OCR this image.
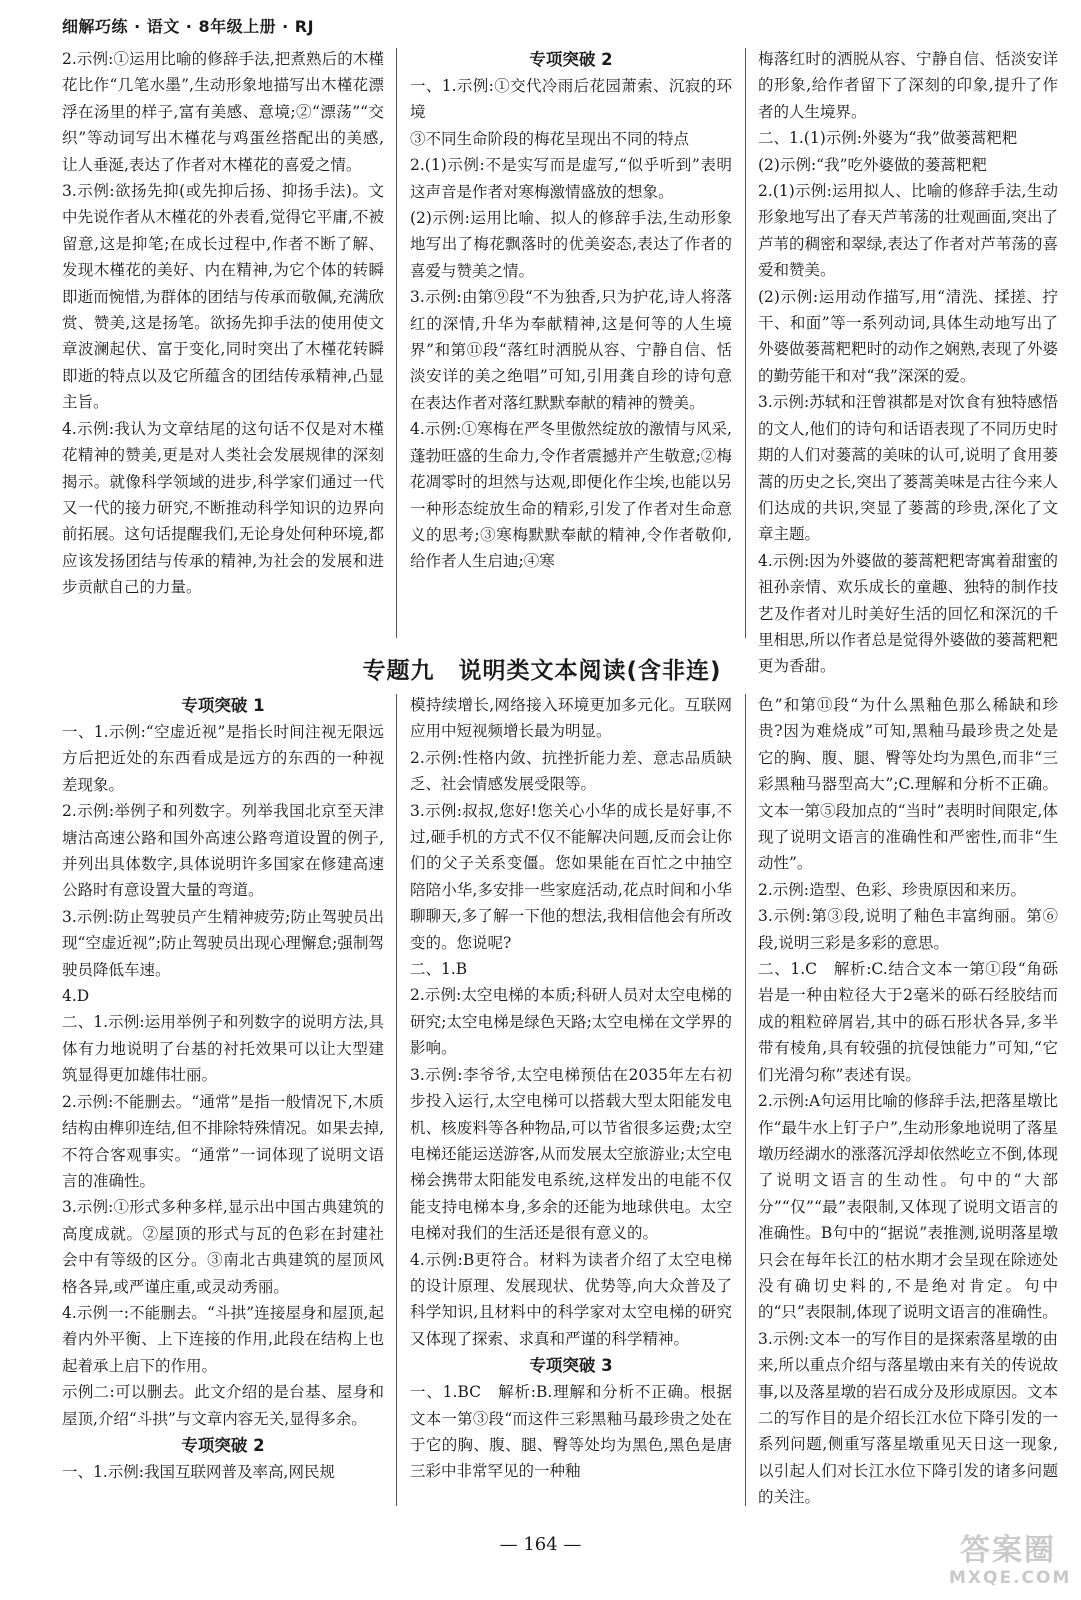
细解巧练 · 语文 · 8年级上册 · RJ

2.示例:①运用比喻的修辞手法,把煮熟后的木槿花比作“几笔水墨”,生动形象地描写出木槿花漂浮在汤里的样子,富有美感、意境;②“漂荡”“交织”等动词写出木槿花与鸡蛋丝搭配出的美感,让人垂涎,表达了作者对木槿花的喜爱之情。

3.示例:欲扬先抑(或先抑后扬、抑扬手法)。文中先说作者从木槿花的外表看,觉得它平庸,不被留意,这是抑笔;在成长过程中,作者不断了解、发现木槿花的美好、内在精神,为它个体的转瞬即逝而惋惜,为群体的团结与传承而敬佩,充满欣赏、赞美,这是扬笔。欲扬先抑手法的使用使文章波澜起伏、富于变化,同时突出了木槿花转瞬即逝的特点以及它所蕴含的团结传承精神,凸显主旨。

4.示例:我认为文章结尾的这句话不仅是对木槿花精神的赞美,更是对人类社会发展规律的深刻揭示。就像科学领域的进步,科学家们通过一代又一代的接力研究,不断推动科学知识的边界向前拓展。这句话提醒我们,无论身处何种环境,都应该发扬团结与传承的精神,为社会的发展和进步贡献自己的力量。

专项突破 2

一、1.示例:①交代冷雨后花园萧索、沉寂的环境

③不同生命阶段的梅花呈现出不同的特点

2.(1)示例:不是实写而是虚写,“似乎听到”表明这声音是作者对寒梅激情盛放的想象。

(2)示例:运用比喻、拟人的修辞手法,生动形象地写出了梅花飘落时的优美姿态,表达了作者的喜爱与赞美之情。

3.示例:由第⑨段“不为独香,只为护花,诗人将落红的深情,升华为奉献精神,这是何等的人生境界”和第⑪段“落红时洒脱从容、宁静自信、恬淡安详的美之绝唱”可知,引用龚自珍的诗句意在表达作者对落红默默奉献的精神的赞美。

4.示例:①寒梅在严冬里傲然绽放的激情与风采,蓬勃旺盛的生命力,令作者震撼并产生敬意;②梅花凋零时的坦然与达观,即便化作尘埃,也能以另一种形态绽放生命的精彩,引发了作者对生命意义的思考;③寒梅默默奉献的精神,令作者敬仰,给作者人生启迪;④寒

梅落红时的洒脱从容、宁静自信、恬淡安详的形象,给作者留下了深刻的印象,提升了作者的人生境界。

二、1.(1)示例:外婆为“我”做蒌蒿粑粑

(2)示例:“我”吃外婆做的蒌蒿粑粑

2.(1)示例:运用拟人、比喻的修辞手法,生动形象地写出了春天芦苇荡的壮观画面,突出了芦苇的稠密和翠绿,表达了作者对芦苇荡的喜爱和赞美。

(2)示例:运用动作描写,用“清洗、揉搓、拧干、和面”等一系列动词,具体生动地写出了外婆做蒌蒿粑粑时的动作之娴熟,表现了外婆的勤劳能干和对“我”深深的爱。

3.示例:苏轼和汪曾祺都是对饮食有独特感悟的文人,他们的诗句和话语表现了不同历史时期的人们对蒌蒿的美味的认可,说明了食用蒌蒿的历史之长,突出了蒌蒿美味是古往今来人们达成的共识,突显了蒌蒿的珍贵,深化了文章主题。

4.示例:因为外婆做的蒌蒿粑粑寄寓着甜蜜的祖孙亲情、欢乐成长的童趣、独特的制作技艺及作者对儿时美好生活的回忆和深沉的千里相思,所以作者总是觉得外婆做的蒌蒿粑粑更为香甜。

专题九　说明类文本阅读(含非连)
专项突破 1

一、1.示例:“空虚近视”是指长时间注视无限远方后把近处的东西看成是远方的东西的一种视差现象。

2.示例:举例子和列数字。列举我国北京至天津塘沽高速公路和国外高速公路弯道设置的例子,并列出具体数字,具体说明许多国家在修建高速公路时有意设置大量的弯道。

3.示例:防止驾驶员产生精神疲劳;防止驾驶员出现“空虚近视”;防止驾驶员出现心理懈怠;强制驾驶员降低车速。

4.D

二、1.示例:运用举例子和列数字的说明方法,具体有力地说明了台基的衬托效果可以让大型建筑显得更加雄伟壮丽。

2.示例:不能删去。“通常”是指一般情况下,木质结构由榫卯连结,但不排除特殊情况。如果去掉,不符合客观事实。“通常”一词体现了说明文语言的准确性。

3.示例:①形式多种多样,显示出中国古典建筑的高度成就。②屋顶的形式与瓦的色彩在封建社会中有等级的区分。③南北古典建筑的屋顶风格各异,或严谨庄重,或灵动秀丽。

4.示例一:不能删去。“斗拱”连接屋身和屋顶,起着内外平衡、上下连接的作用,此段在结构上也起着承上启下的作用。

示例二:可以删去。此文介绍的是台基、屋身和屋顶,介绍“斗拱”与文章内容无关,显得多余。

专项突破 2

一、1.示例:我国互联网普及率高,网民规

模持续增长,网络接入环境更加多元化。互联网应用中短视频增长最为明显。

2.示例:性格内敛、抗挫折能力差、意志品质缺乏、社会情感发展受限等。

3.示例:叔叔,您好!您关心小华的成长是好事,不过,砸手机的方式不仅不能解决问题,反而会让你们的父子关系变僵。您如果能在百忙之中抽空陪陪小华,多安排一些家庭活动,花点时间和小华聊聊天,多了解一下他的想法,我相信他会有所改变的。您说呢?

二、1.B

2.示例:太空电梯的本质;科研人员对太空电梯的研究;太空电梯是绿色天路;太空电梯在文学界的影响。

3.示例:李爷爷,太空电梯预估在2035年左右初步投入运行,太空电梯可以搭载大型太阳能发电机、核废料等各种物品,可以节省很多运费;太空电梯还能运送游客,从而发展太空旅游业;太空电梯会携带太阳能发电系统,这样发出的电能不仅能支持电梯本身,多余的还能为地球供电。太空电梯对我们的生活还是很有意义的。

4.示例:B更符合。材料为读者介绍了太空电梯的设计原理、发展现状、优势等,向大众普及了科学知识,且材料中的科学家对太空电梯的研究又体现了探索、求真和严谨的科学精神。

专项突破 3

一、1.BC　解析:B.理解和分析不正确。根据文本一第③段“而这件三彩黑釉马最珍贵之处在于它的胸、腹、腿、臀等处均为黑色,黑色是唐三彩中非常罕见的一种釉

色”和第⑪段“为什么黑釉色那么稀缺和珍贵?因为难烧成”可知,黑釉马最珍贵之处是它的胸、腹、腿、臀等处均为黑色,而非“三彩黑釉马器型高大”;C.理解和分析不正确。文本一第⑤段加点的“当时”表明时间限定,体现了说明文语言的准确性和严密性,而非“生动性”。

2.示例:造型、色彩、珍贵原因和来历。

3.示例:第③段,说明了釉色丰富绚丽。第⑥段,说明三彩是多彩的意思。

二、1.C　解析:C.结合文本一第①段“角砾岩是一种由粒径大于2毫米的砾石经胶结而成的粗粒碎屑岩,其中的砾石形状各异,多半带有棱角,具有较强的抗侵蚀能力”可知,“它们光滑匀称”表述有误。

2.示例:A句运用比喻的修辞手法,把落星墩比作“最牛水上钉子户”,生动形象地说明了落星墩历经湖水的涨落沉浮却依然屹立不倒,体现了说明文语言的生动性。句中的“大部分”“仅”“最”表限制,又体现了说明文语言的准确性。B句中的“据说”表推测,说明落星墩只会在每年长江的枯水期才会呈现在除迹处没有确切史料的,不是绝对肯定。句中的“只”表限制,体现了说明文语言的准确性。

3.示例:文本一的写作目的是探索落星墩的由来,所以重点介绍与落星墩由来有关的传说故事,以及落星墩的岩石成分及形成原因。文本二的写作目的是介绍长江水位下降引发的一系列问题,侧重写落星墩重见天日这一现象,以引起人们对长江水位下降引发的诸多问题的关注。

— 164 —	答案圈
MXQE.COM
